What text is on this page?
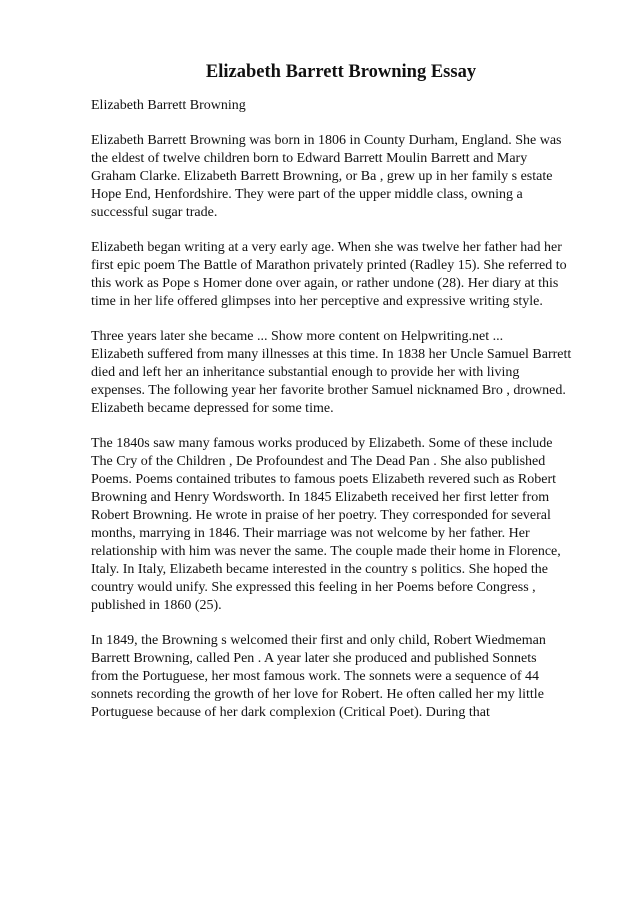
Elizabeth Barrett Browning Essay

Elizabeth Barrett Browning

Elizabeth Barrett Browning was born in 1806 in County Durham, England. She was
the eldest of twelve children born to Edward Barrett Moulin Barrett and Mary
Graham Clarke. Elizabeth Barrett Browning, or Ba , grew up in her family s estate
Hope End, Henfordshire. They were part of the upper middle class, owning a
successful sugar trade.

Elizabeth began writing at a very early age. When she was twelve her father had her
first epic poem The Battle of Marathon privately printed (Radley 15). She referred to
this work as Pope s Homer done over again, or rather undone (28). Her diary at this
time in her life offered glimpses into her perceptive and expressive writing style.

Three years later she became ... Show more content on Helpwriting.net ...
Elizabeth suffered from many illnesses at this time. In 1838 her Uncle Samuel Barrett
died and left her an inheritance substantial enough to provide her with living
expenses. The following year her favorite brother Samuel nicknamed Bro , drowned.
Elizabeth became depressed for some time.

The 1840s saw many famous works produced by Elizabeth. Some of these include
The Cry of the Children , De Profoundest and The Dead Pan . She also published
Poems. Poems contained tributes to famous poets Elizabeth revered such as Robert
Browning and Henry Wordsworth. In 1845 Elizabeth received her first letter from
Robert Browning. He wrote in praise of her poetry. They corresponded for several
months, marrying in 1846. Their marriage was not welcome by her father. Her
relationship with him was never the same. The couple made their home in Florence,
Italy. In Italy, Elizabeth became interested in the country s politics. She hoped the
country would unify. She expressed this feeling in her Poems before Congress ,
published in 1860 (25).

In 1849, the Browning s welcomed their first and only child, Robert Wiedmeman
Barrett Browning, called Pen . A year later she produced and published Sonnets
from the Portuguese, her most famous work. The sonnets were a sequence of 44
sonnets recording the growth of her love for Robert. He often called her my little
Portuguese because of her dark complexion (Critical Poet). During that
